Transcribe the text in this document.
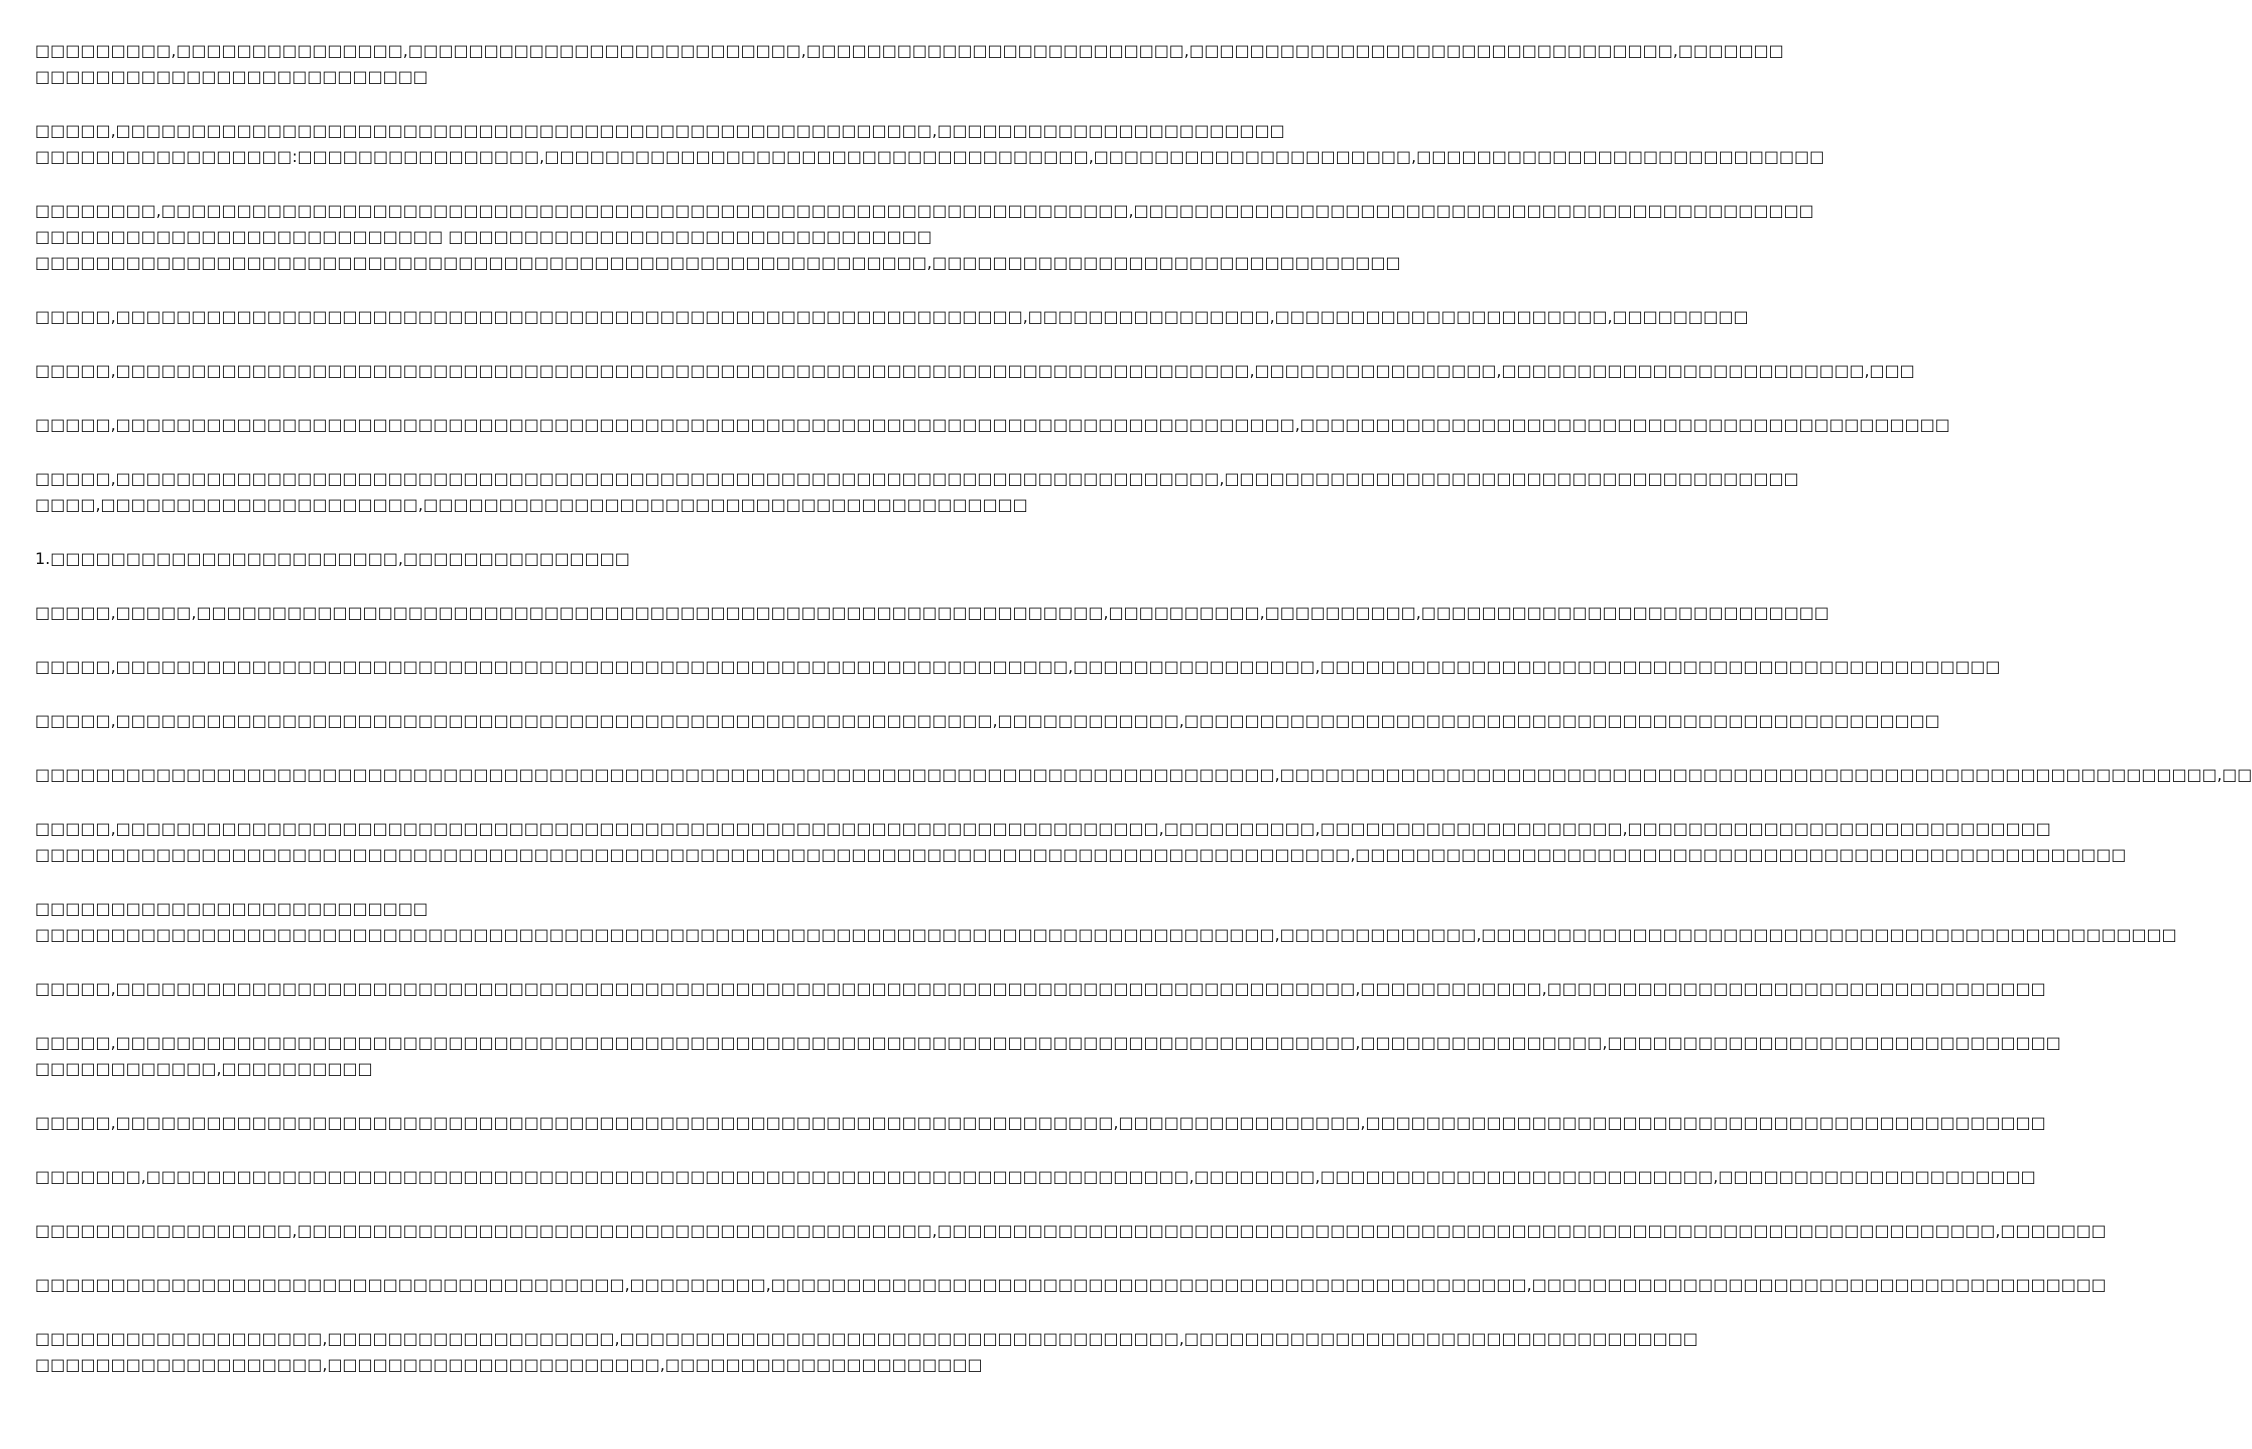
□□□□□□□□□,□□□□□□□□□□□□□□□,□□□□□□□□□□□□□□□□□□□□□□□□□□,□□□□□□□□□□□□□□□□□□□□□□□□□,□□□□□□□□□□□□□□□□□□□□□□□□□□□□□□□□,□□□□□□□
□□□□□□□□□□□□□□□□□□□□□□□□□□
□□□□□,□□□□□□□□□□□□□□□□□□□□□□□□□□□□□□□□□□□□□□□□□□□□□□□□□□□□□□,□□□□□□□□□□□□□□□□□□□□□□□
□□□□□□□□□□□□□□□□□:□□□□□□□□□□□□□□□□,□□□□□□□□□□□□□□□□□□□□□□□□□□□□□□□□□□□□,□□□□□□□□□□□□□□□□□□□□□,□□□□□□□□□□□□□□□□□□□□□□□□□□□
□□□□□□□□,□□□□□□□□□□□□□□□□□□□□□□□□□□□□□□□□□□□□□□□□□□□□□□□□□□□□□□□□□□□□□□□□,□□□□□□□□□□□□□□□□□□□□□□□□□□□□□□□□□□□□□□□□□□□□□
□□□□□□□□□□□□□□□□□□□□□□□□□□□ □□□□□□□□□□□□□□□□□□□□□□□□□□□□□□□□
□□□□□□□□□□□□□□□□□□□□□□□□□□□□□□□□□□□□□□□□□□□□□□□□□□□□□□□□□□□,□□□□□□□□□□□□□□□□□□□□□□□□□□□□□□□
□□□□□,□□□□□□□□□□□□□□□□□□□□□□□□□□□□□□□□□□□□□□□□□□□□□□□□□□□□□□□□□□□□,□□□□□□□□□□□□□□□□,□□□□□□□□□□□□□□□□□□□□□□,□□□□□□□□□
□□□□□,□□□□□□□□□□□□□□□□□□□□□□□□□□□□□□□□□□□□□□□□□□□□□□□□□□□□□□□□□□□□□□□□□□□□□□□□□□□,□□□□□□□□□□□□□□□□,□□□□□□□□□□□□□□□□□□□□□□□□,□□□
□□□□□,□□□□□□□□□□□□□□□□□□□□□□□□□□□□□□□□□□□□□□□□□□□□□□□□□□□□□□□□□□□□□□□□□□□□□□□□□□□□□□,□□□□□□□□□□□□□□□□□□□□□□□□□□□□□□□□□□□□□□□□□□□
□□□□□,□□□□□□□□□□□□□□□□□□□□□□□□□□□□□□□□□□□□□□□□□□□□□□□□□□□□□□□□□□□□□□□□□□□□□□□□□,□□□□□□□□□□□□□□□□□□□□□□□□□□□□□□□□□□□□□□
□□□□,□□□□□□□□□□□□□□□□□□□□□,□□□□□□□□□□□□□□□□□□□□□□□□□□□□□□□□□□□□□□□□
1.□□□□□□□□□□□□□□□□□□□□□□□,□□□□□□□□□□□□□□□
□□□□□,□□□□□,□□□□□□□□□□□□□□□□□□□□□□□□□□□□□□□□□□□□□□□□□□□□□□□□□□□□□□□□□□□□,□□□□□□□□□□,□□□□□□□□□□,□□□□□□□□□□□□□□□□□□□□□□□□□□□
□□□□□,□□□□□□□□□□□□□□□□□□□□□□□□□□□□□□□□□□□□□□□□□□□□□□□□□□□□□□□□□□□□□□□,□□□□□□□□□□□□□□□□,□□□□□□□□□□□□□□□□□□□□□□□□□□□□□□□□□□□□□□□□□□□□□
□□□□□,□□□□□□□□□□□□□□□□□□□□□□□□□□□□□□□□□□□□□□□□□□□□□□□□□□□□□□□□□□,□□□□□□□□□□□□,□□□□□□□□□□□□□□□□□□□□□□□□□□□□□□□□□□□□□□□□□□□□□□□□□□
□□□□□□□□□□□□□□□□□□□□□□□□□□□□□□□□□□□□□□□□□□□□□□□□□□□□□□□□□□□□□□□□□□□□□□□□□□□□□□□□□□,□□□□□□□□□□□□□□□□□□□□□□□□□□□□□□□□□□□□□□□□□□□□□□□□□□□□□□□□□□□□□□,□□
□□□□□,□□□□□□□□□□□□□□□□□□□□□□□□□□□□□□□□□□□□□□□□□□□□□□□□□□□□□□□□□□□□□□□□□□□□□,□□□□□□□□□□,□□□□□□□□□□□□□□□□□□□□,□□□□□□□□□□□□□□□□□□□□□□□□□□□□
□□□□□□□□□□□□□□□□□□□□□□□□□□□□□□□□□□□□□□□□□□□□□□□□□□□□□□□□□□□□□□□□□□□□□□□□□□□□□□□□□□□□□□□,□□□□□□□□□□□□□□□□□□□□□□□□□□□□□□□□□□□□□□□□□□□□□□□□□□□
□□□□□□□□□□□□□□□□□□□□□□□□□□
□□□□□□□□□□□□□□□□□□□□□□□□□□□□□□□□□□□□□□□□□□□□□□□□□□□□□□□□□□□□□□□□□□□□□□□□□□□□□□□□□□,□□□□□□□□□□□□□,□□□□□□□□□□□□□□□□□□□□□□□□□□□□□□□□□□□□□□□□□□□□□□
□□□□□,□□□□□□□□□□□□□□□□□□□□□□□□□□□□□□□□□□□□□□□□□□□□□□□□□□□□□□□□□□□□□□□□□□□□□□□□□□□□□□□□□□,□□□□□□□□□□□□,□□□□□□□□□□□□□□□□□□□□□□□□□□□□□□□□□
□□□□□,□□□□□□□□□□□□□□□□□□□□□□□□□□□□□□□□□□□□□□□□□□□□□□□□□□□□□□□□□□□□□□□□□□□□□□□□□□□□□□□□□□,□□□□□□□□□□□□□□□□,□□□□□□□□□□□□□□□□□□□□□□□□□□□□□□
□□□□□□□□□□□□,□□□□□□□□□□
□□□□□,□□□□□□□□□□□□□□□□□□□□□□□□□□□□□□□□□□□□□□□□□□□□□□□□□□□□□□□□□□□□□□□□□□,□□□□□□□□□□□□□□□□,□□□□□□□□□□□□□□□□□□□□□□□□□□□□□□□□□□□□□□□□□□□□□
□□□□□□□,□□□□□□□□□□□□□□□□□□□□□□□□□□□□□□□□□□□□□□□□□□□□□□□□□□□□□□□□□□□□□□□□□□□□□,□□□□□□□□,□□□□□□□□□□□□□□□□□□□□□□□□□□,□□□□□□□□□□□□□□□□□□□□□
□□□□□□□□□□□□□□□□□,□□□□□□□□□□□□□□□□□□□□□□□□□□□□□□□□□□□□□□□□□□,□□□□□□□□□□□□□□□□□□□□□□□□□□□□□□□□□□□□□□□□□□□□□□□□□□□□□□□□□□□□□□□□□□□□□□,□□□□□□□
□□□□□□□□□□□□□□□□□□□□□□□□□□□□□□□□□□□□□□□,□□□□□□□□□,□□□□□□□□□□□□□□□□□□□□□□□□□□□□□□□□□□□□□□□□□□□□□□□□□□,□□□□□□□□□□□□□□□□□□□□□□□□□□□□□□□□□□□□□□
□□□□□□□□□□□□□□□□□□□,□□□□□□□□□□□□□□□□□□□,□□□□□□□□□□□□□□□□□□□□□□□□□□□□□□□□□□□□□,□□□□□□□□□□□□□□□□□□□□□□□□□□□□□□□□□□
□□□□□□□□□□□□□□□□□□□,□□□□□□□□□□□□□□□□□□□□□□,□□□□□□□□□□□□□□□□□□□□□
